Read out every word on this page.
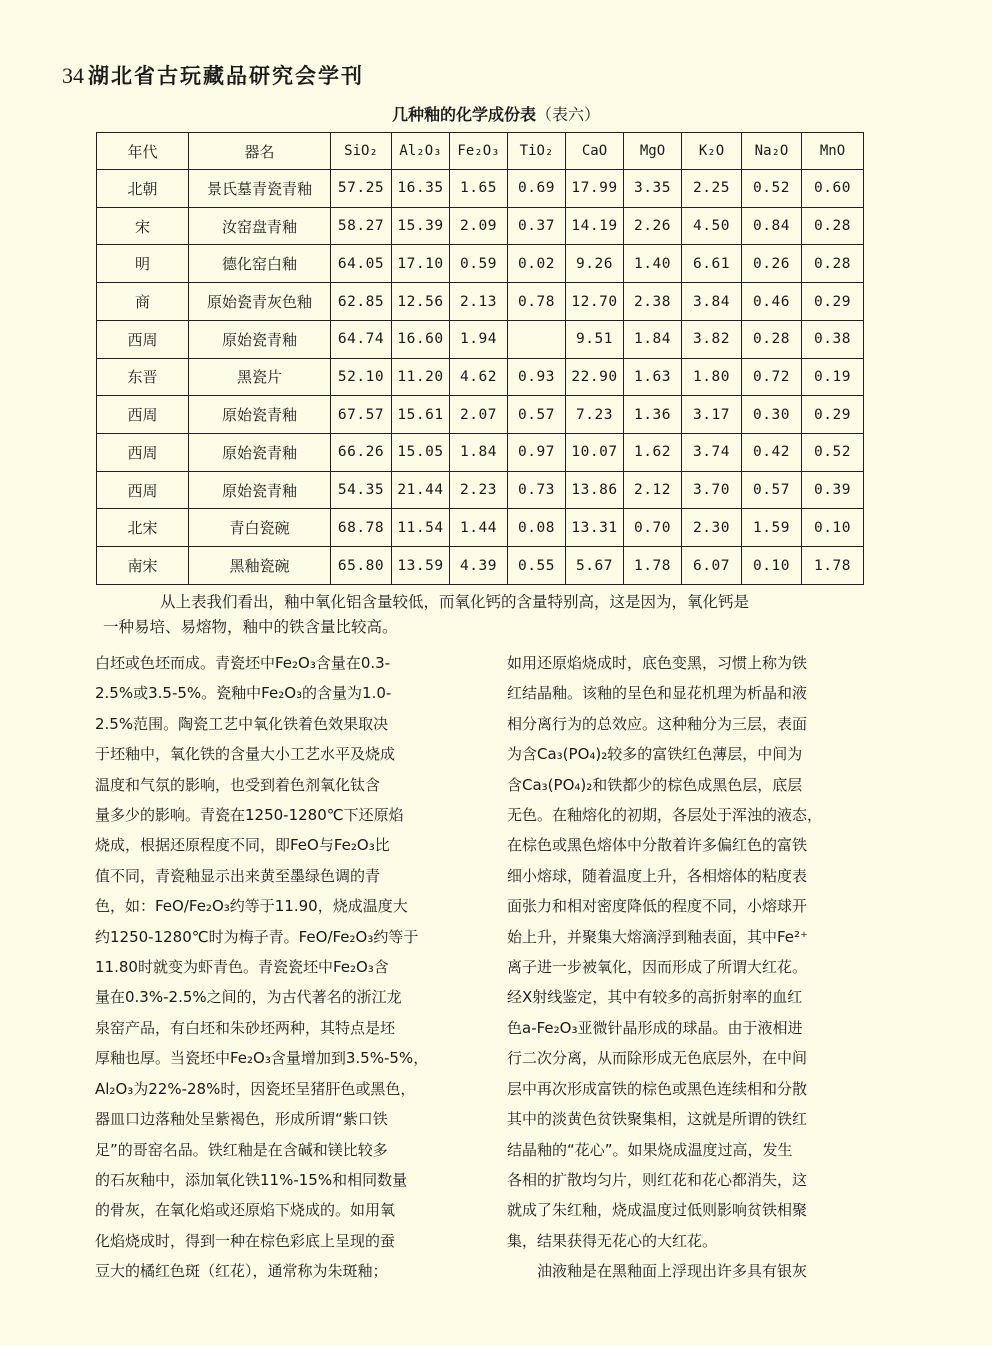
34 湖北省古玩藏品研究会学刊
几种釉的化学成份表（表六）
年代	器名	SiO₂	Al₂O₃	Fe₂O₃	TiO₂	CaO	MgO	K₂O	Na₂O	MnO
北朝	景氏墓青瓷青釉	57.25	16.35	1.65	0.69	17.99	3.35	2.25	0.52	0.60
宋	汝窑盘青釉	58.27	15.39	2.09	0.37	14.19	2.26	4.50	0.84	0.28
明	德化窑白釉	64.05	17.10	0.59	0.02	9.26	1.40	6.61	0.26	0.28
商	原始瓷青灰色釉	62.85	12.56	2.13	0.78	12.70	2.38	3.84	0.46	0.29
西周	原始瓷青釉	64.74	16.60	1.94		9.51	1.84	3.82	0.28	0.38
东晋	黑瓷片	52.10	11.20	4.62	0.93	22.90	1.63	1.80	0.72	0.19
西周	原始瓷青釉	67.57	15.61	2.07	0.57	7.23	1.36	3.17	0.30	0.29
西周	原始瓷青釉	66.26	15.05	1.84	0.97	10.07	1.62	3.74	0.42	0.52
西周	原始瓷青釉	54.35	21.44	2.23	0.73	13.86	2.12	3.70	0.57	0.39
北宋	青白瓷碗	68.78	11.54	1.44	0.08	13.31	0.70	2.30	1.59	0.10
南宋	黑釉瓷碗	65.80	13.59	4.39	0.55	5.67	1.78	6.07	0.10	1.78
从上表我们看出，釉中氧化铝含量较低，而氧化钙的含量特别高，这是因为，氧化钙是
一种易培、易熔物，釉中的铁含量比较高。
白坯或色坯而成。青瓷坯中Fe₂O₃含量在0.3-
2.5%或3.5-5%。瓷釉中Fe₂O₃的含量为1.0-
2.5%范围。陶瓷工艺中氧化铁着色效果取决
于坯釉中，氧化铁的含量大小工艺水平及烧成
温度和气氛的影响，也受到着色剂氧化钛含
量多少的影响。青瓷在1250-1280℃下还原焰
烧成，根据还原程度不同，即FeO与Fe₂O₃比
值不同，青瓷釉显示出来黄至墨绿色调的青
色，如：FeO/Fe₂O₃约等于11.90，烧成温度大
约1250-1280℃时为梅子青。FeO/Fe₂O₃约等于
11.80时就变为虾青色。青瓷瓷坯中Fe₂O₃含
量在0.3%-2.5%之间的，为古代著名的浙江龙
泉窑产品，有白坯和朱砂坯两种，其特点是坯
厚釉也厚。当瓷坯中Fe₂O₃含量增加到3.5%-5%，
Al₂O₃为22%-28%时，因瓷坯呈猪肝色或黑色，
器皿口边落釉处呈紫褐色，形成所谓“紫口铁
足”的哥窑名品。铁红釉是在含碱和镁比较多
的石灰釉中，添加氧化铁11%-15%和相同数量
的骨灰，在氧化焰或还原焰下烧成的。如用氧
化焰烧成时，得到一种在棕色彩底上呈现的蚕
豆大的橘红色斑（红花），通常称为朱斑釉；
如用还原焰烧成时，底色变黑，习惯上称为铁
红结晶釉。该釉的呈色和显花机理为析晶和液
相分离行为的总效应。这种釉分为三层，表面
为含Ca₃(PO₄)₂较多的富铁红色薄层，中间为
含Ca₃(PO₄)₂和铁都少的棕色成黑色层，底层
无色。在釉熔化的初期，各层处于浑浊的液态，
在棕色或黑色熔体中分散着许多偏红色的富铁
细小熔球，随着温度上升，各相熔体的粘度表
面张力和相对密度降低的程度不同，小熔球开
始上升，并聚集大熔滴浮到釉表面，其中Fe²⁺
离子进一步被氧化，因而形成了所谓大红花。
经X射线鉴定，其中有较多的高折射率的血红
色a-Fe₂O₃亚微针晶形成的球晶。由于液相进
行二次分离，从而除形成无色底层外，在中间
层中再次形成富铁的棕色或黑色连续相和分散
其中的淡黄色贫铁聚集相，这就是所谓的铁红
结晶釉的“花心”。如果烧成温度过高，发生
各相的扩散均匀片，则红花和花心都消失，这
就成了朱红釉，烧成温度过低则影响贫铁相聚
集，结果获得无花心的大红花。
油液釉是在黑釉面上浮现出许多具有银灰
